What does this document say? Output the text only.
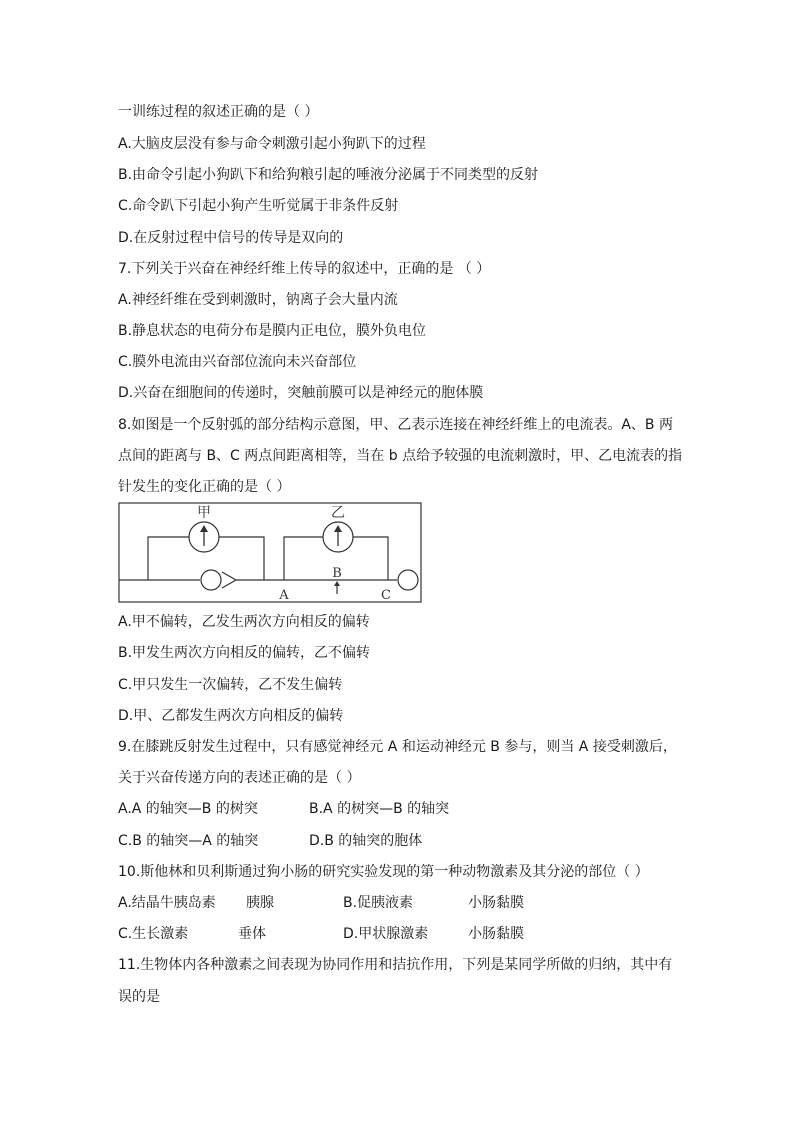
一训练过程的叙述正确的是（ ）
A.大脑皮层没有参与命令刺激引起小狗趴下的过程
B.由命令引起小狗趴下和给狗粮引起的唾液分泌属于不同类型的反射
C.命令趴下引起小狗产生听觉属于非条件反射
D.在反射过程中信号的传导是双向的
7.下列关于兴奋在神经纤维上传导的叙述中，正确的是 （ ）
A.神经纤维在受到刺激时，钠离子会大量内流
B.静息状态的电荷分布是膜内正电位，膜外负电位
C.膜外电流由兴奋部位流向未兴奋部位
D.兴奋在细胞间的传递时，突触前膜可以是神经元的胞体膜
8.如图是一个反射弧的部分结构示意图，甲、乙表示连接在神经纤维上的电流表。A、B 两
点间的距离与 B、C 两点间距离相等，当在 b 点给予较强的电流刺激时，甲、乙电流表的指
针发生的变化正确的是（ ）
甲	乙
A
B
C
A.甲不偏转，乙发生两次方向相反的偏转
B.甲发生两次方向相反的偏转，乙不偏转
C.甲只发生一次偏转，乙不发生偏转
D.甲、乙都发生两次方向相反的偏转
9.在膝跳反射发生过程中，只有感觉神经元 A 和运动神经元 B 参与，则当 A 接受刺激后，
关于兴奋传递方向的表述正确的是（ ）
A.A 的轴突—B 的树突	B.A 的树突—B 的轴突
C.B 的轴突—A 的轴突	D.B 的轴突的胞体
10.斯他林和贝利斯通过狗小肠的研究实验发现的第一种动物激素及其分泌的部位（ ）
A.结晶牛胰岛素 胰腺	B.促胰液素	小肠黏膜
C.生长激素	垂体	D.甲状腺激素	小肠黏膜
11.生物体内各种激素之间表现为协同作用和拮抗作用，下列是某同学所做的归纳，其中有
误的是
